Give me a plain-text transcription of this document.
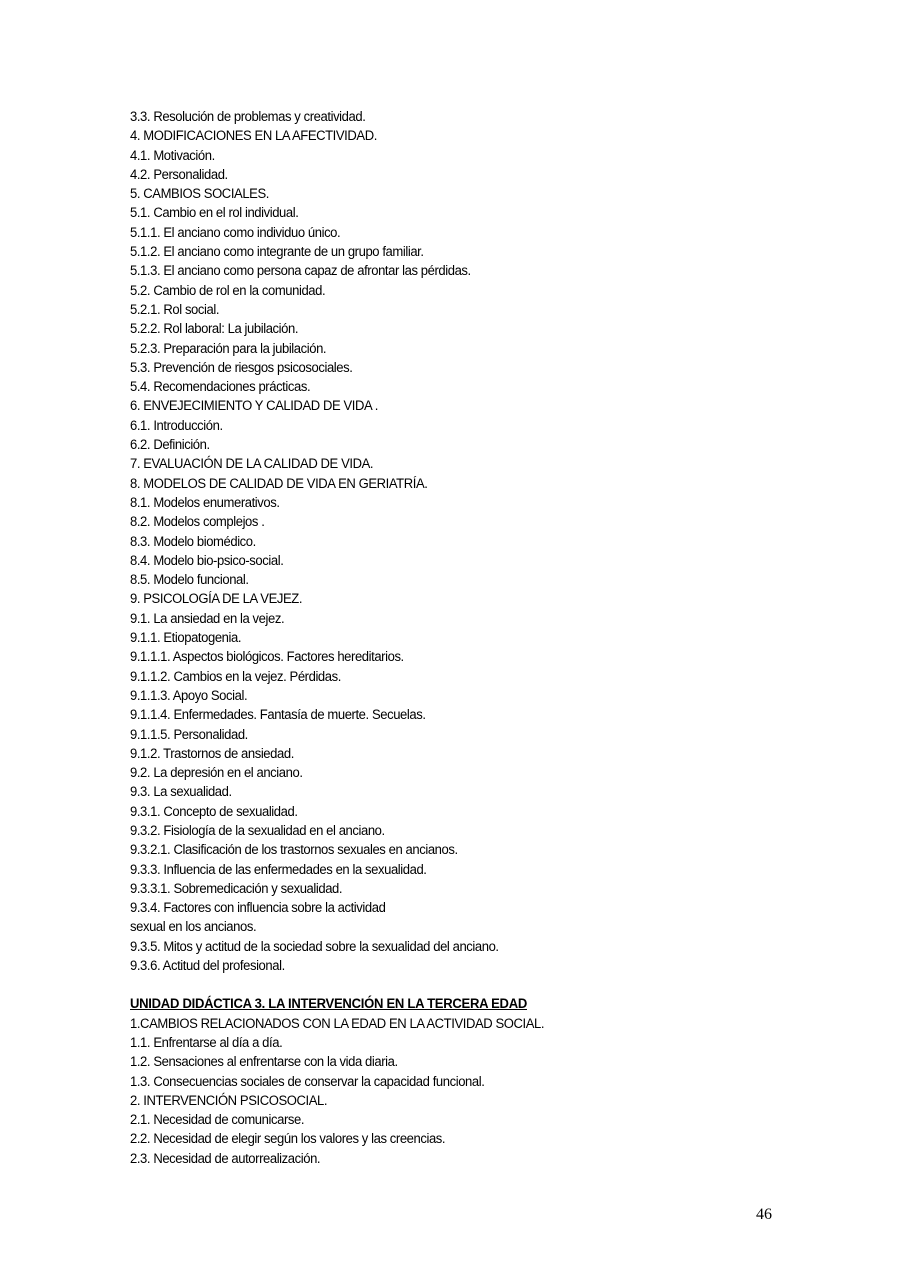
3.3. Resolución de problemas y creatividad.
4. MODIFICACIONES EN LA AFECTIVIDAD.
4.1. Motivación.
4.2. Personalidad.
5. CAMBIOS SOCIALES.
5.1. Cambio en el rol individual.
5.1.1. El anciano como individuo único.
5.1.2. El anciano como integrante de un grupo familiar.
5.1.3. El anciano como persona capaz de afrontar las pérdidas.
5.2. Cambio de rol en la comunidad.
5.2.1. Rol social.
5.2.2. Rol laboral: La jubilación.
5.2.3. Preparación para la jubilación.
5.3. Prevención de riesgos psicosociales.
5.4. Recomendaciones prácticas.
6. ENVEJECIMIENTO Y CALIDAD DE VIDA .
6.1. Introducción.
6.2. Definición.
7. EVALUACIÓN DE LA CALIDAD DE VIDA.
8. MODELOS DE CALIDAD DE VIDA EN GERIATRÍA.
8.1. Modelos enumerativos.
8.2. Modelos complejos .
8.3. Modelo biomédico.
8.4. Modelo bio-psico-social.
8.5. Modelo funcional.
9. PSICOLOGÍA DE LA VEJEZ.
9.1. La ansiedad en la vejez.
9.1.1. Etiopatogenia.
9.1.1.1. Aspectos biológicos. Factores hereditarios.
9.1.1.2. Cambios en la vejez. Pérdidas.
9.1.1.3. Apoyo Social.
9.1.1.4. Enfermedades. Fantasía de muerte. Secuelas.
9.1.1.5. Personalidad.
9.1.2. Trastornos de ansiedad.
9.2. La depresión en el anciano.
9.3. La sexualidad.
9.3.1. Concepto de sexualidad.
9.3.2. Fisiología de la sexualidad en el anciano.
9.3.2.1. Clasificación de los trastornos sexuales en ancianos.
9.3.3. Influencia de las enfermedades en la sexualidad.
9.3.3.1. Sobremedicación y sexualidad.
9.3.4. Factores con influencia sobre la actividad
sexual en los ancianos.
9.3.5. Mitos y actitud de la sociedad sobre la sexualidad del anciano.
9.3.6. Actitud del profesional.
UNIDAD DIDÁCTICA 3. LA INTERVENCIÓN EN LA TERCERA EDAD
1.CAMBIOS RELACIONADOS CON LA EDAD EN LA ACTIVIDAD SOCIAL.
1.1. Enfrentarse al día a día.
1.2. Sensaciones al enfrentarse con la vida diaria.
1.3. Consecuencias sociales de conservar la capacidad funcional.
2. INTERVENCIÓN PSICOSOCIAL.
2.1. Necesidad de comunicarse.
2.2. Necesidad de elegir según los valores y las creencias.
2.3. Necesidad de autorrealización.
46
